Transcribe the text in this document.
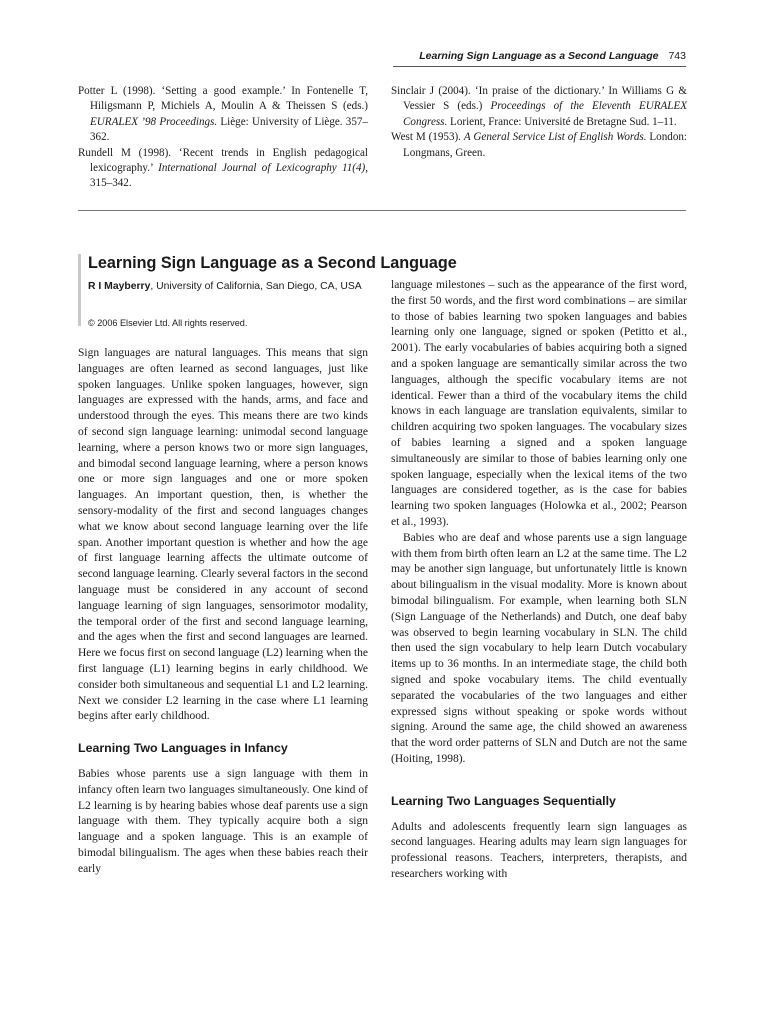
Learning Sign Language as a Second Language 743

Potter L (1998). ‘Setting a good example.’ In Fontenelle T, Hiligsmann P, Michiels A, Moulin A & Theissen S (eds.) EURALEX ’98 Proceedings. Liège: University of Liège. 357–362.

Rundell M (1998). ‘Recent trends in English pedagogical lexicography.’ International Journal of Lexicography 11(4), 315–342.

Sinclair J (2004). ‘In praise of the dictionary.’ In Williams G & Vessier S (eds.) Proceedings of the Eleventh EURALEX Congress. Lorient, France: Université de Bretagne Sud. 1–11.

West M (1953). A General Service List of English Words. London: Longmans, Green.

Learning Sign Language as a Second Language

R I Mayberry, University of California, San Diego, CA, USA

© 2006 Elsevier Ltd. All rights reserved.

Sign languages are natural languages. This means that sign languages are often learned as second languages, just like spoken languages. Unlike spoken languages, however, sign languages are expressed with the hands, arms, and face and understood through the eyes. This means there are two kinds of second sign language learning: unimodal second language learning, where a person knows two or more sign languages, and bimodal second language learning, where a person knows one or more sign languages and one or more spoken languages. An important question, then, is whether the sensory-modality of the first and second languages changes what we know about second language learning over the life span. Another important question is whether and how the age of first language learning affects the ultimate outcome of second language learning. Clearly several factors in the second language must be considered in any account of second language learning of sign languages, sensorimotor modality, the temporal order of the first and second language learning, and the ages when the first and second languages are learned. Here we focus first on second language (L2) learning when the first language (L1) learning begins in early childhood. We consider both simultaneous and sequential L1 and L2 learning. Next we consider L2 learning in the case where L1 learning begins after early childhood.

Learning Two Languages in Infancy

Babies whose parents use a sign language with them in infancy often learn two languages simultaneously. One kind of L2 learning is by hearing babies whose deaf parents use a sign language with them. They typically acquire both a sign language and a spoken language. This is an example of bimodal bilingualism. The ages when these babies reach their early

language milestones – such as the appearance of the first word, the first 50 words, and the first word combinations – are similar to those of babies learning two spoken languages and babies learning only one language, signed or spoken (Petitto et al., 2001). The early vocabularies of babies acquiring both a signed and a spoken language are semantically similar across the two languages, although the specific vocabulary items are not identical. Fewer than a third of the vocabulary items the child knows in each language are translation equivalents, similar to children acquiring two spoken languages. The vocabulary sizes of babies learning a signed and a spoken language simultaneously are similar to those of babies learning only one spoken language, especially when the lexical items of the two languages are considered together, as is the case for babies learning two spoken languages (Holowka et al., 2002; Pearson et al., 1993).

Babies who are deaf and whose parents use a sign language with them from birth often learn an L2 at the same time. The L2 may be another sign language, but unfortunately little is known about bilingualism in the visual modality. More is known about bimodal bilingualism. For example, when learning both SLN (Sign Language of the Netherlands) and Dutch, one deaf baby was observed to begin learning vocabulary in SLN. The child then used the sign vocabulary to help learn Dutch vocabulary items up to 36 months. In an intermediate stage, the child both signed and spoke vocabulary items. The child eventually separated the vocabularies of the two languages and either expressed signs without speaking or spoke words without signing. Around the same age, the child showed an awareness that the word order patterns of SLN and Dutch are not the same (Hoiting, 1998).

Learning Two Languages Sequentially

Adults and adolescents frequently learn sign languages as second languages. Hearing adults may learn sign languages for professional reasons. Teachers, interpreters, therapists, and researchers working with
